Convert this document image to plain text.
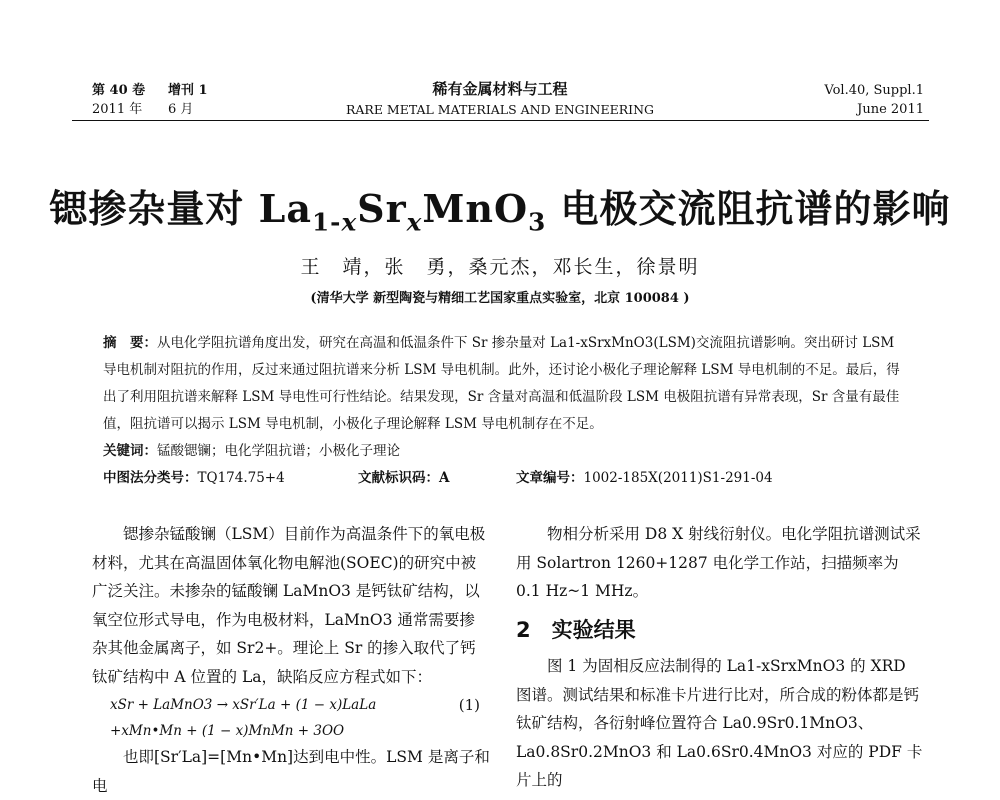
第 40 卷 增刊 1
2011 年 6 月
稀有金属材料与工程
RARE METAL MATERIALS AND ENGINEERING
Vol.40, Suppl.1
June 2011
锶掺杂量对 $La_{1-x}Sr_xMnO_3$ 电极交流阻抗谱的影响
王　靖，张　勇，桑元杰，邓长生，徐景明
(清华大学 新型陶瓷与精细工艺国家重点实验室，北京 100084 )
摘　要：从电化学阻抗谱角度出发，研究在高温和低温条件下 Sr 掺杂量对 La1-xSrxMnO3(LSM)交流阻抗谱影响。突出研讨 LSM 导电机制对阻抗的作用，反过来通过阻抗谱来分析 LSM 导电机制。此外，还讨论小极化子理论解释 LSM 导电机制的不足。最后，得出了利用阻抗谱来解释 LSM 导电性可行性结论。结果发现，Sr 含量对高温和低温阶段 LSM 电极阻抗谱有异常表现，Sr 含量有最佳值，阻抗谱可以揭示 LSM 导电机制，小极化子理论解释 LSM 导电机制存在不足。
关键词：锰酸锶镧；电化学阻抗谱；小极化子理论
中图法分类号：TQ174.75+4	文献标识码：A	文章编号：1002-185X(2011)S1-291-04
锶掺杂锰酸镧（LSM）目前作为高温条件下的氧电极材料，尤其在高温固体氧化物电解池(SOEC)的研究中被广泛关注。未掺杂的锰酸镧 LaMnO3 是钙钛矿结构，以氧空位形式导电，作为电极材料，LaMnO3 通常需要掺杂其他金属离子，如 Sr2+。理论上 Sr 的掺入取代了钙钛矿结构中 A 位置的 La，缺陷反应方程式如下：
xSr + LaMnO3 → xSr′La + (1 − x)LaLa	(1)
+xMn•Mn + (1 − x)MnMn + 3OO
也即[Sr′La]=[Mn•Mn]达到电中性。LSM 是离子和电
物相分析采用 D8 X 射线衍射仪。电化学阻抗谱测试采用 Solartron 1260+1287 电化学工作站，扫描频率为 0.1 Hz~1 MHz。
2　实验结果
图 1 为固相反应法制得的 La1-xSrxMnO3 的 XRD 图谱。测试结果和标准卡片进行比对，所合成的粉体都是钙钛矿结构，各衍射峰位置符合 La0.9Sr0.1MnO3、La0.8Sr0.2MnO3 和 La0.6Sr0.4MnO3 对应的 PDF 卡片上的
